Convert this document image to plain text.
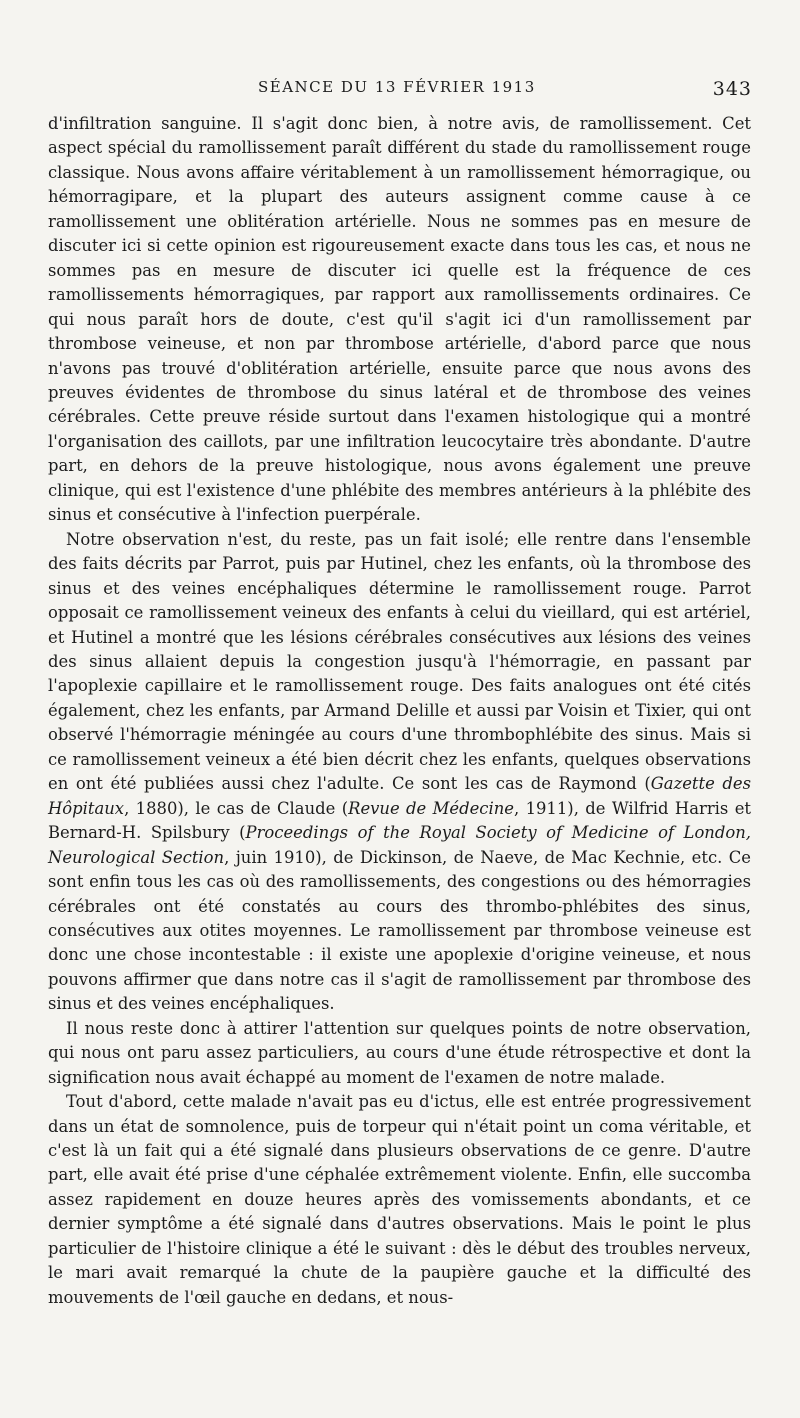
SÉANCE DU 13 FÉVRIER 1913	343

d'infiltration sanguine. Il s'agit donc bien, à notre avis, de ramollissement. Cet aspect spécial du ramollissement paraît différent du stade du ramollissement rouge classique. Nous avons affaire véritablement à un ramollissement hémorragique, ou hémorragipare, et la plupart des auteurs assignent comme cause à ce ramollissement une oblitération artérielle. Nous ne sommes pas en mesure de discuter ici si cette opinion est rigoureusement exacte dans tous les cas, et nous ne sommes pas en mesure de discuter ici quelle est la fréquence de ces ramollissements hémorragiques, par rapport aux ramollissements ordinaires. Ce qui nous paraît hors de doute, c'est qu'il s'agit ici d'un ramollissement par thrombose veineuse, et non par thrombose artérielle, d'abord parce que nous n'avons pas trouvé d'oblitération artérielle, ensuite parce que nous avons des preuves évidentes de thrombose du sinus latéral et de thrombose des veines cérébrales. Cette preuve réside surtout dans l'examen histologique qui a montré l'organisation des caillots, par une infiltration leucocytaire très abondante. D'autre part, en dehors de la preuve histologique, nous avons également une preuve clinique, qui est l'existence d'une phlébite des membres antérieurs à la phlébite des sinus et consécutive à l'infection puerpérale.

Notre observation n'est, du reste, pas un fait isolé; elle rentre dans l'ensemble des faits décrits par Parrot, puis par Hutinel, chez les enfants, où la thrombose des sinus et des veines encéphaliques détermine le ramollissement rouge. Parrot opposait ce ramollissement veineux des enfants à celui du vieillard, qui est artériel, et Hutinel a montré que les lésions cérébrales consécutives aux lésions des veines des sinus allaient depuis la congestion jusqu'à l'hémorragie, en passant par l'apoplexie capillaire et le ramollissement rouge. Des faits analogues ont été cités également, chez les enfants, par Armand Delille et aussi par Voisin et Tixier, qui ont observé l'hémorragie méningée au cours d'une thrombophlébite des sinus. Mais si ce ramollissement veineux a été bien décrit chez les enfants, quelques observations en ont été publiées aussi chez l'adulte. Ce sont les cas de Raymond (Gazette des Hôpitaux, 1880), le cas de Claude (Revue de Médecine, 1911), de Wilfrid Harris et Bernard-H. Spilsbury (Proceedings of the Royal Society of Medicine of London, Neurological Section, juin 1910), de Dickinson, de Naeve, de Mac Kechnie, etc. Ce sont enfin tous les cas où des ramollissements, des congestions ou des hémorragies cérébrales ont été constatés au cours des thrombo-phlébites des sinus, consécutives aux otites moyennes. Le ramollissement par thrombose veineuse est donc une chose incontestable : il existe une apoplexie d'origine veineuse, et nous pouvons affirmer que dans notre cas il s'agit de ramollissement par thrombose des sinus et des veines encéphaliques.

Il nous reste donc à attirer l'attention sur quelques points de notre observation, qui nous ont paru assez particuliers, au cours d'une étude rétrospective et dont la signification nous avait échappé au moment de l'examen de notre malade.

Tout d'abord, cette malade n'avait pas eu d'ictus, elle est entrée progressivement dans un état de somnolence, puis de torpeur qui n'était point un coma véritable, et c'est là un fait qui a été signalé dans plusieurs observations de ce genre. D'autre part, elle avait été prise d'une céphalée extrêmement violente. Enfin, elle succomba assez rapidement en douze heures après des vomissements abondants, et ce dernier symptôme a été signalé dans d'autres observations. Mais le point le plus particulier de l'histoire clinique a été le suivant : dès le début des troubles nerveux, le mari avait remarqué la chute de la paupière gauche et la difficulté des mouvements de l'œil gauche en dedans, et nous-
